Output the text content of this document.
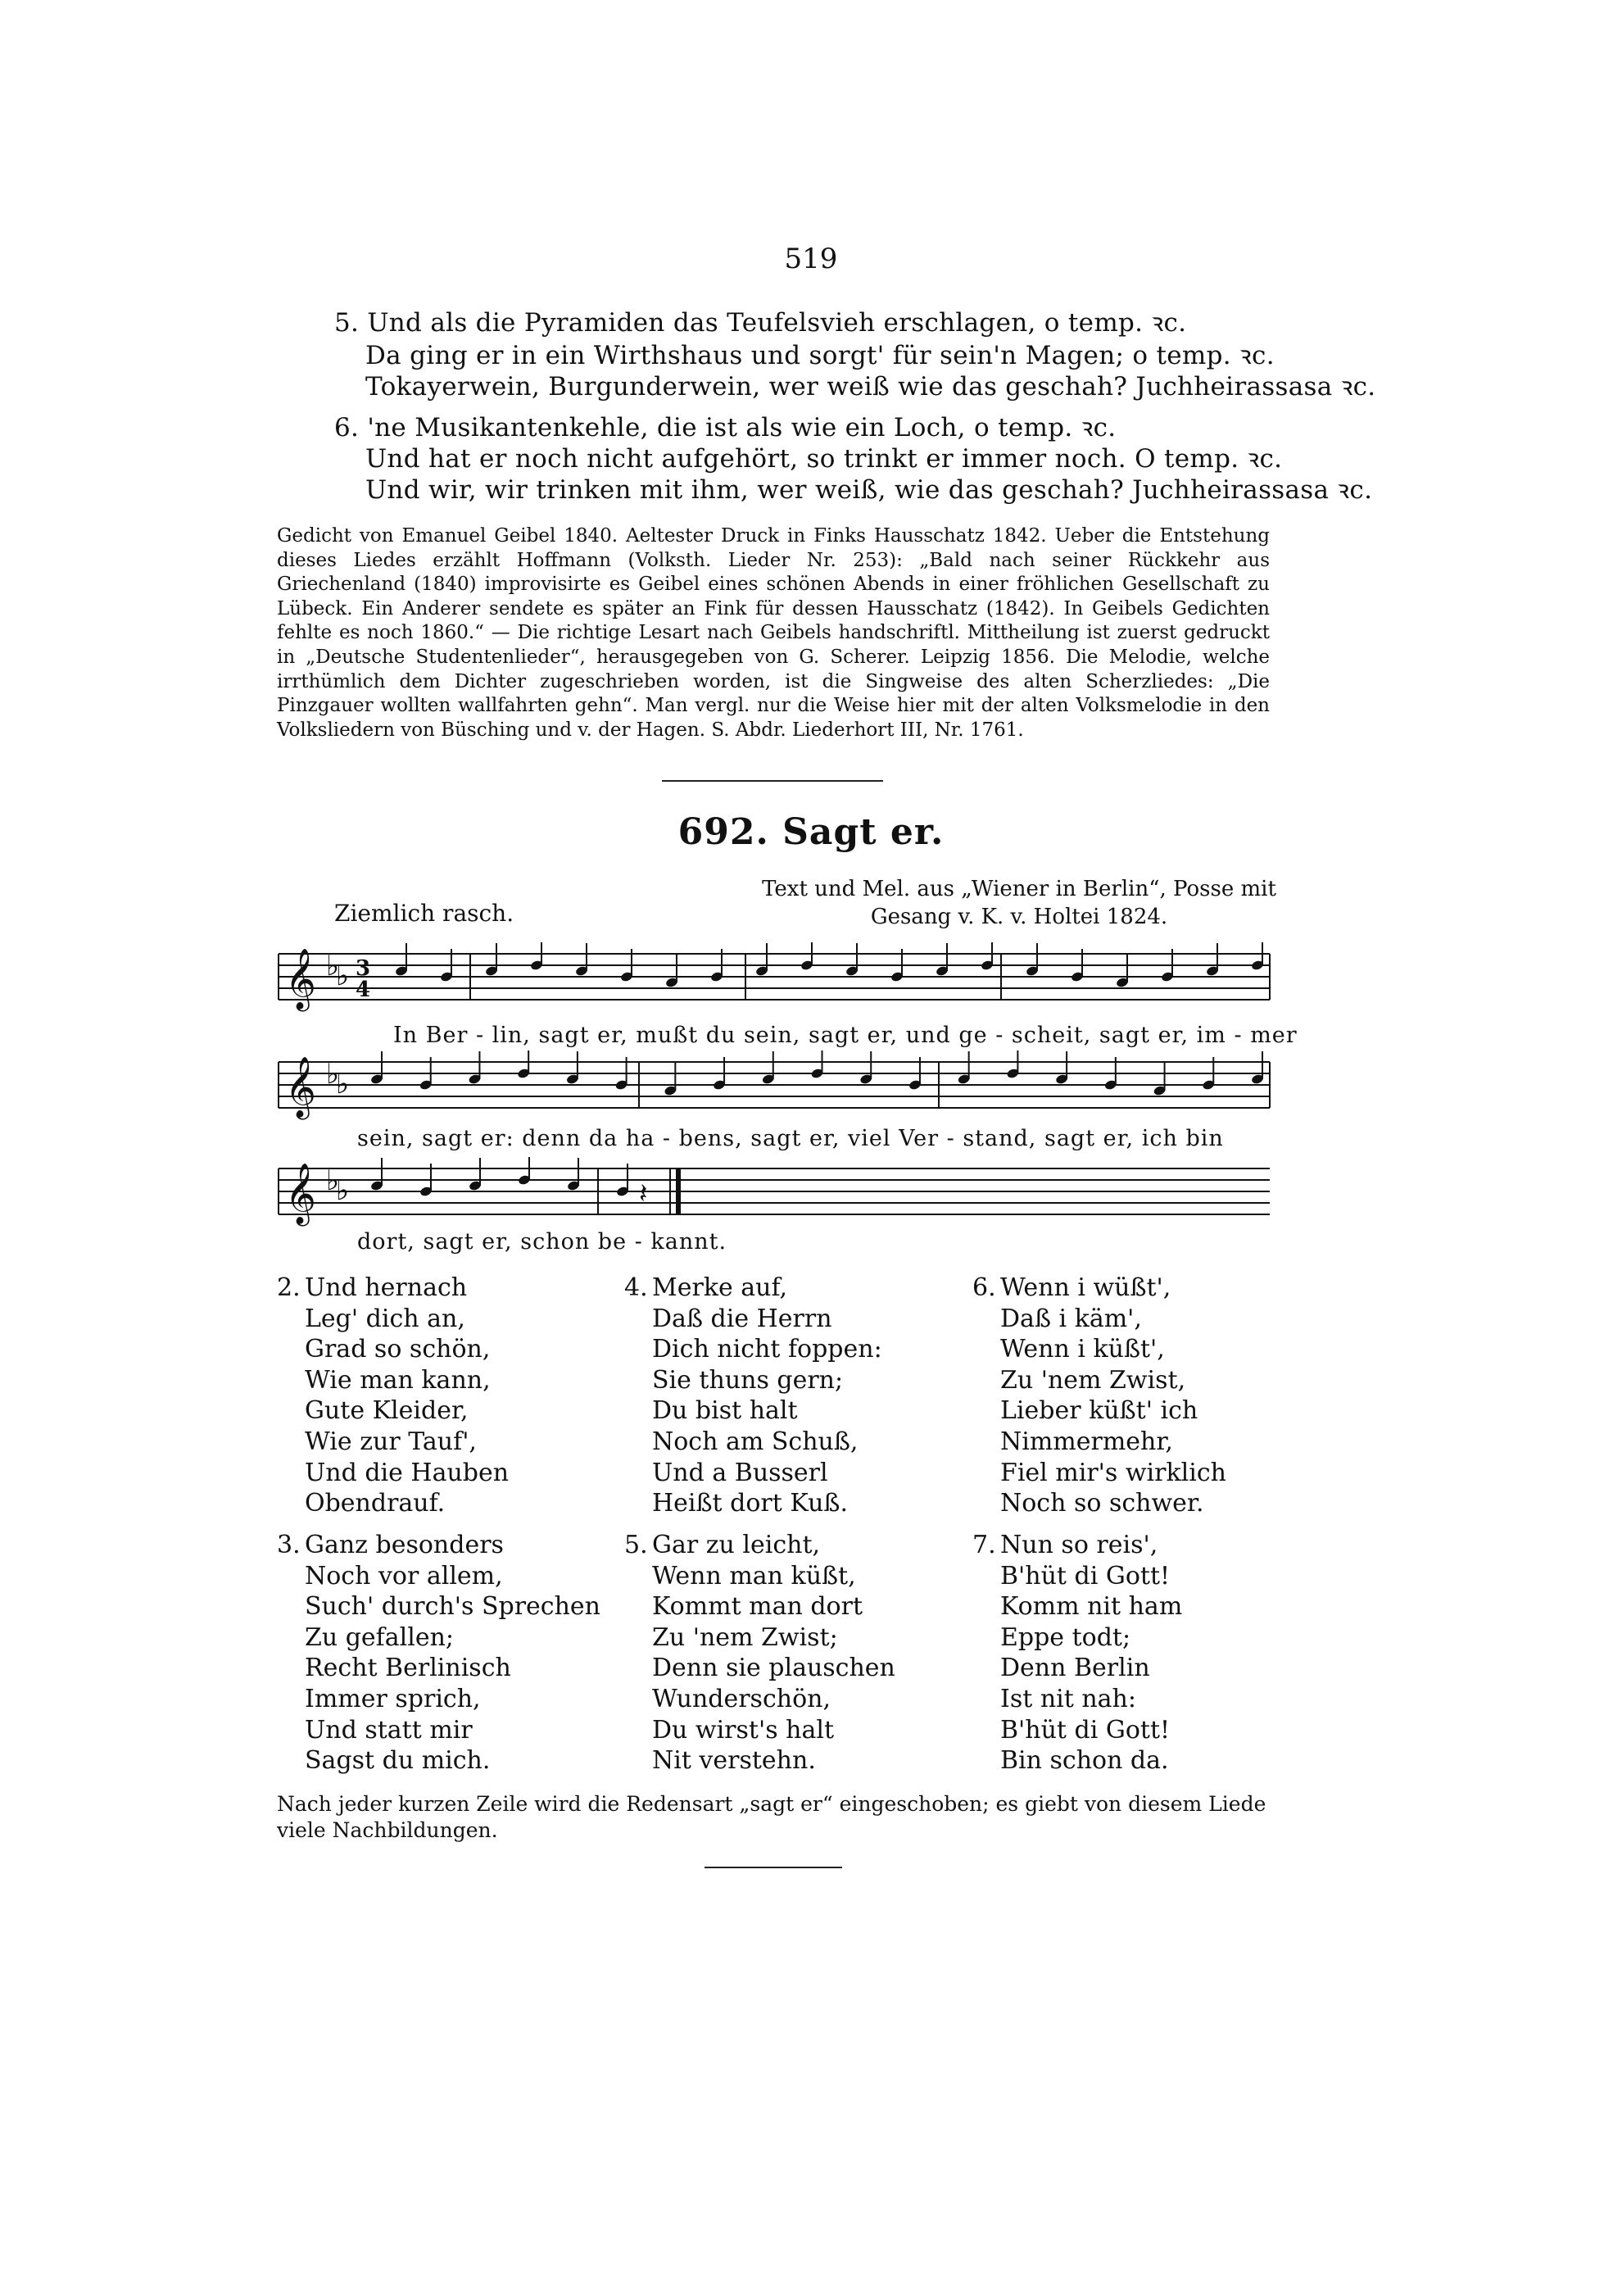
519
5. Und als die Pyramiden das Teufelsvieh erschlagen, o temp. ꝛc.
Da ging er in ein Wirthshaus und sorgt' für sein'n Magen; o temp. ꝛc.
Tokayerwein, Burgunderwein, wer weiß wie das geschah? Juchheirassasa ꝛc.
6. 'ne Musikantenkehle, die ist als wie ein Loch, o temp. ꝛc.
Und hat er noch nicht aufgehört, so trinkt er immer noch. O temp. ꝛc.
Und wir, wir trinken mit ihm, wer weiß, wie das geschah? Juchheirassasa ꝛc.

Gedicht von Emanuel Geibel 1840. Aeltester Druck in Finks Hausschatz 1842. Ueber die Entstehung dieses Liedes erzählt Hoffmann (Volksth. Lieder Nr. 253): „Bald nach seiner Rückkehr aus Griechenland (1840) improvisirte es Geibel eines schönen Abends in einer fröhlichen Gesellschaft zu Lübeck. Ein Anderer sendete es später an Fink für dessen Hausschatz (1842). In Geibels Gedichten fehlte es noch 1860.“ — Die richtige Lesart nach Geibels handschriftl. Mittheilung ist zuerst gedruckt in „Deutsche Studentenlieder“, herausgegeben von G. Scherer. Leipzig 1856. Die Melodie, welche irrthümlich dem Dichter zugeschrieben worden, ist die Singweise des alten Scherzliedes: „Die Pinzgauer wollten wallfahrten gehn“. Man vergl. nur die Weise hier mit der alten Volksmelodie in den Volksliedern von Büsching und v. der Hagen. S. Abdr. Liederhort III, Nr. 1761.

692. Sagt er.
Text und Mel. aus „Wiener in Berlin“, Posse mit
Gesang v. K. v. Holtei 1824.
Ziemlich rasch.
𝄞 ♭
♭ 3
4
In Ber - lin, sagt er, mußt du sein, sagt er, und ge - scheit, sagt er, im - mer
𝄞 ♭
♭
sein, sagt er: denn da ha - bens, sagt er, viel Ver - stand, sagt er, ich bin
𝄞 ♭
♭	𝄽
dort, sagt er, schon be - kannt.
2. Und hernach
Leg' dich an,
Grad so schön,
Wie man kann,
Gute Kleider,
Wie zur Tauf',
Und die Hauben
Obendrauf.
4. Merke auf,
Daß die Herrn
Dich nicht foppen:
Sie thuns gern;
Du bist halt
Noch am Schuß,
Und a Busserl
Heißt dort Kuß.
6. Wenn i wüßt',
Daß i käm',
Wenn i küßt',
Zu 'nem Zwist,
Lieber küßt' ich
Nimmermehr,
Fiel mir's wirklich
Noch so schwer.
3. Ganz besonders
Noch vor allem,
Such' durch's Sprechen
Zu gefallen;
Recht Berlinisch
Immer sprich,
Und statt mir
Sagst du mich.
5. Gar zu leicht,
Wenn man küßt,
Kommt man dort
Zu 'nem Zwist;
Denn sie plauschen
Wunderschön,
Du wirst's halt
Nit verstehn.
7. Nun so reis',
B'hüt di Gott!
Komm nit ham
Eppe todt;
Denn Berlin
Ist nit nah:
B'hüt di Gott!
Bin schon da.
Nach jeder kurzen Zeile wird die Redensart „sagt er“ eingeschoben; es giebt von diesem Liede viele Nachbildungen.
